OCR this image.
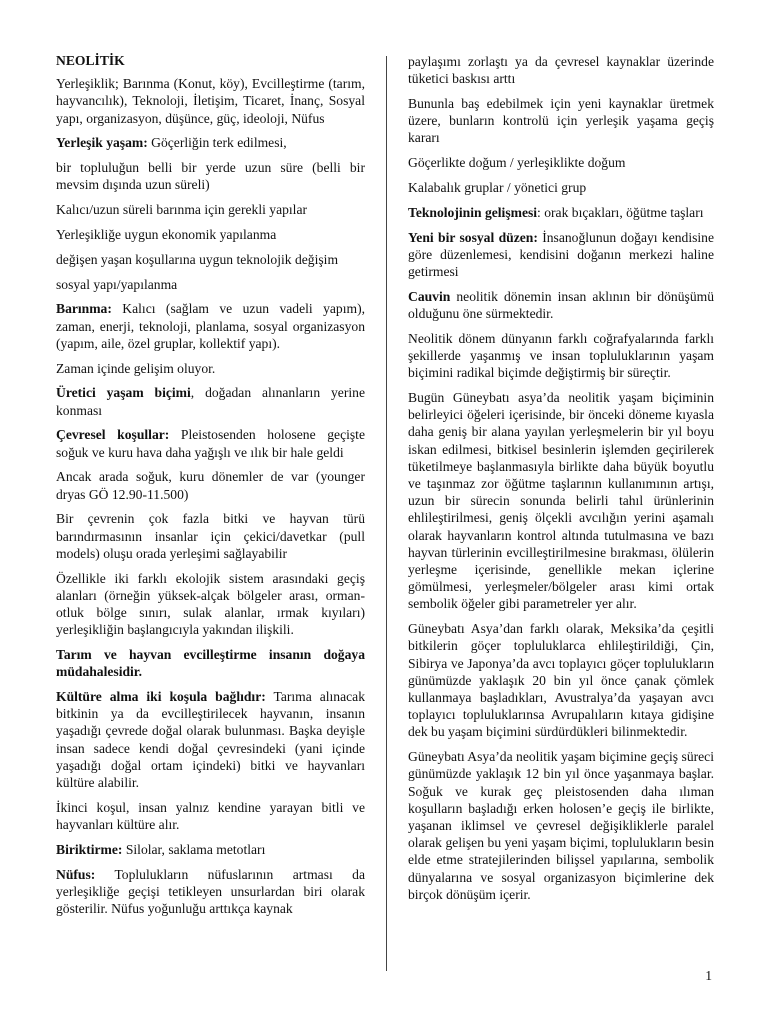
NEOLİTİK

Yerleşiklik; Barınma (Konut, köy), Evcilleştirme (tarım, hayvancılık), Teknoloji, İletişim, Ticaret, İnanç, Sosyal yapı, organizasyon, düşünce, güç, ideoloji, Nüfus

Yerleşik yaşam: Göçerliğin terk edilmesi,

bir topluluğun belli bir yerde uzun süre (belli bir mevsim dışında uzun süreli)

Kalıcı/uzun süreli barınma için gerekli yapılar

Yerleşikliğe uygun ekonomik yapılanma

değişen yaşan koşullarına uygun teknolojik değişim

sosyal yapı/yapılanma

Barınma: Kalıcı (sağlam ve uzun vadeli yapım), zaman, enerji, teknoloji, planlama, sosyal organizasyon (yapım, aile, özel gruplar, kollektif yapı).

Zaman içinde gelişim oluyor.

Üretici yaşam biçimi, doğadan alınanların yerine konması

Çevresel koşullar: Pleistosenden holosene geçişte soğuk ve kuru hava daha yağışlı ve ılık bir hale geldi

Ancak arada soğuk, kuru dönemler de var (younger dryas GÖ 12.90-11.500)

Bir çevrenin çok fazla bitki ve hayvan türü barındırmasının insanlar için çekici/davetkar (pull models) oluşu orada yerleşimi sağlayabilir

Özellikle iki farklı ekolojik sistem arasındaki geçiş alanları (örneğin yüksek-alçak bölgeler arası, orman-otluk bölge sınırı, sulak alanlar, ırmak kıyıları) yerleşikliğin başlangıcıyla yakından ilişkili.

Tarım ve hayvan evcilleştirme insanın doğaya müdahalesidir.

Kültüre alma iki koşula bağlıdır: Tarıma alınacak bitkinin ya da evcilleştirilecek hayvanın, insanın yaşadığı çevrede doğal olarak bulunması. Başka deyişle insan sadece kendi doğal çevresindeki (yani içinde yaşadığı doğal ortam içindeki) bitki ve hayvanları kültüre alabilir.

İkinci koşul, insan yalnız kendine yarayan bitli ve hayvanları kültüre alır.

Biriktirme: Silolar, saklama metotları

Nüfus: Toplulukların nüfuslarının artması da yerleşikliğe geçişi tetikleyen unsurlardan biri olarak gösterilir. Nüfus yoğunluğu arttıkça kaynak

paylaşımı zorlaştı ya da çevresel kaynaklar üzerinde tüketici baskısı arttı

Bununla baş edebilmek için yeni kaynaklar üretmek üzere, bunların kontrolü için yerleşik yaşama geçiş kararı

Göçerlikte doğum / yerleşiklikte doğum

Kalabalık gruplar / yönetici grup

Teknolojinin gelişmesi: orak bıçakları, öğütme taşları

Yeni bir sosyal düzen: İnsanoğlunun doğayı kendisine göre düzenlemesi, kendisini doğanın merkezi haline getirmesi

Cauvin neolitik dönemin insan aklının bir dönüşümü olduğunu öne sürmektedir.

Neolitik dönem dünyanın farklı coğrafyalarında farklı şekillerde yaşanmış ve insan topluluklarının yaşam biçimini radikal biçimde değiştirmiş bir süreçtir.

Bugün Güneybatı asya’da neolitik yaşam biçiminin belirleyici öğeleri içerisinde, bir önceki döneme kıyasla daha geniş bir alana yayılan yerleşmelerin bir yıl boyu iskan edilmesi, bitkisel besinlerin işlemden geçirilerek tüketilmeye başlanmasıyla birlikte daha büyük boyutlu ve taşınmaz zor öğütme taşlarının kullanımının artışı, uzun bir sürecin sonunda belirli tahıl ürünlerinin ehlileştirilmesi, geniş ölçekli avcılığın yerini aşamalı olarak hayvanların kontrol altında tutulmasına ve bazı hayvan türlerinin evcilleştirilmesine bırakması, ölülerin yerleşme içerisinde, genellikle mekan içlerine gömülmesi, yerleşmeler/bölgeler arası kimi ortak sembolik öğeler gibi parametreler yer alır.

Güneybatı Asya’dan farklı olarak, Meksika’da çeşitli bitkilerin göçer topluluklarca ehlileştirildiği, Çin, Sibirya ve Japonya’da avcı toplayıcı göçer toplulukların günümüzde yaklaşık 20 bin yıl önce çanak çömlek kullanmaya başladıkları, Avustralya’da yaşayan avcı toplayıcı topluluklarınsa Avrupalıların kıtaya gidişine dek bu yaşam biçimini sürdürdükleri bilinmektedir.

Güneybatı Asya’da neolitik yaşam biçimine geçiş süreci günümüzde yaklaşık 12 bin yıl önce yaşanmaya başlar. Soğuk ve kurak geç pleistosenden daha ılıman koşulların başladığı erken holosen’e geçiş ile birlikte, yaşanan iklimsel ve çevresel değişikliklerle paralel olarak gelişen bu yeni yaşam biçimi, toplulukların besin elde etme stratejilerinden bilişsel yapılarına, sembolik dünyalarına ve sosyal organizasyon biçimlerine dek birçok dönüşüm içerir.

1
